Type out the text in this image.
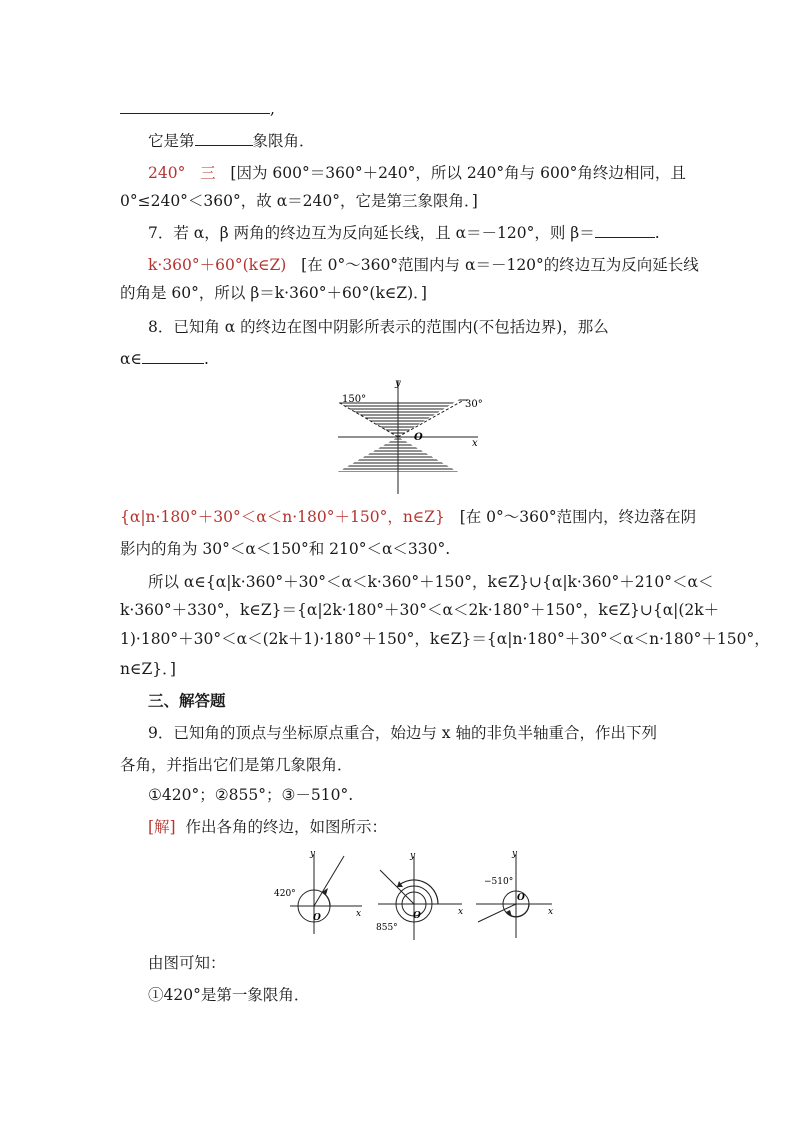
,
它是第	象限角．
240° 三 [因为 600°＝360°＋240°，所以 240°角与 600°角终边相同，且
0°≤240°＜360°，故 α＝240°，它是第三象限角．]
7．若 α，β 两角的终边互为反向延长线，且 α＝－120°，则 β＝	.
k·360°＋60°(k∈Z) [在 0°～360°范围内与 α＝－120°的终边互为反向延长线
的角是 60°，所以 β＝k·360°＋60°(k∈Z)．]
8．已知角 α 的终边在图中阴影所表示的范围内(不包括边界)，那么
α∈	.
y
x
O
150°	30°
{α|n·180°＋30°＜α＜n·180°＋150°，n∈Z} [在 0°～360°范围内，终边落在阴
影内的角为 30°＜α＜150°和 210°＜α＜330°.
所以 α∈{α|k·360°＋30°＜α＜k·360°＋150°，k∈Z}∪{α|k·360°＋210°＜α＜
k·360°＋330°，k∈Z}＝{α|2k·180°＋30°＜α＜2k·180°＋150°，k∈Z}∪{α|(2k＋
1)·180°＋30°＜α＜(2k＋1)·180°＋150°，k∈Z}＝{α|n·180°＋30°＜α＜n·180°＋150°，
n∈Z}．]
三、解答题
9．已知角的顶点与坐标原点重合，始边与 x 轴的非负半轴重合，作出下列
各角，并指出它们是第几象限角．
①420°；②855°；③－510°.
[解] 作出各角的终边，如图所示：
y
x
O
420°
y
x
O
855°
y
x
O
−510°
由图可知：
①420°是第一象限角．
